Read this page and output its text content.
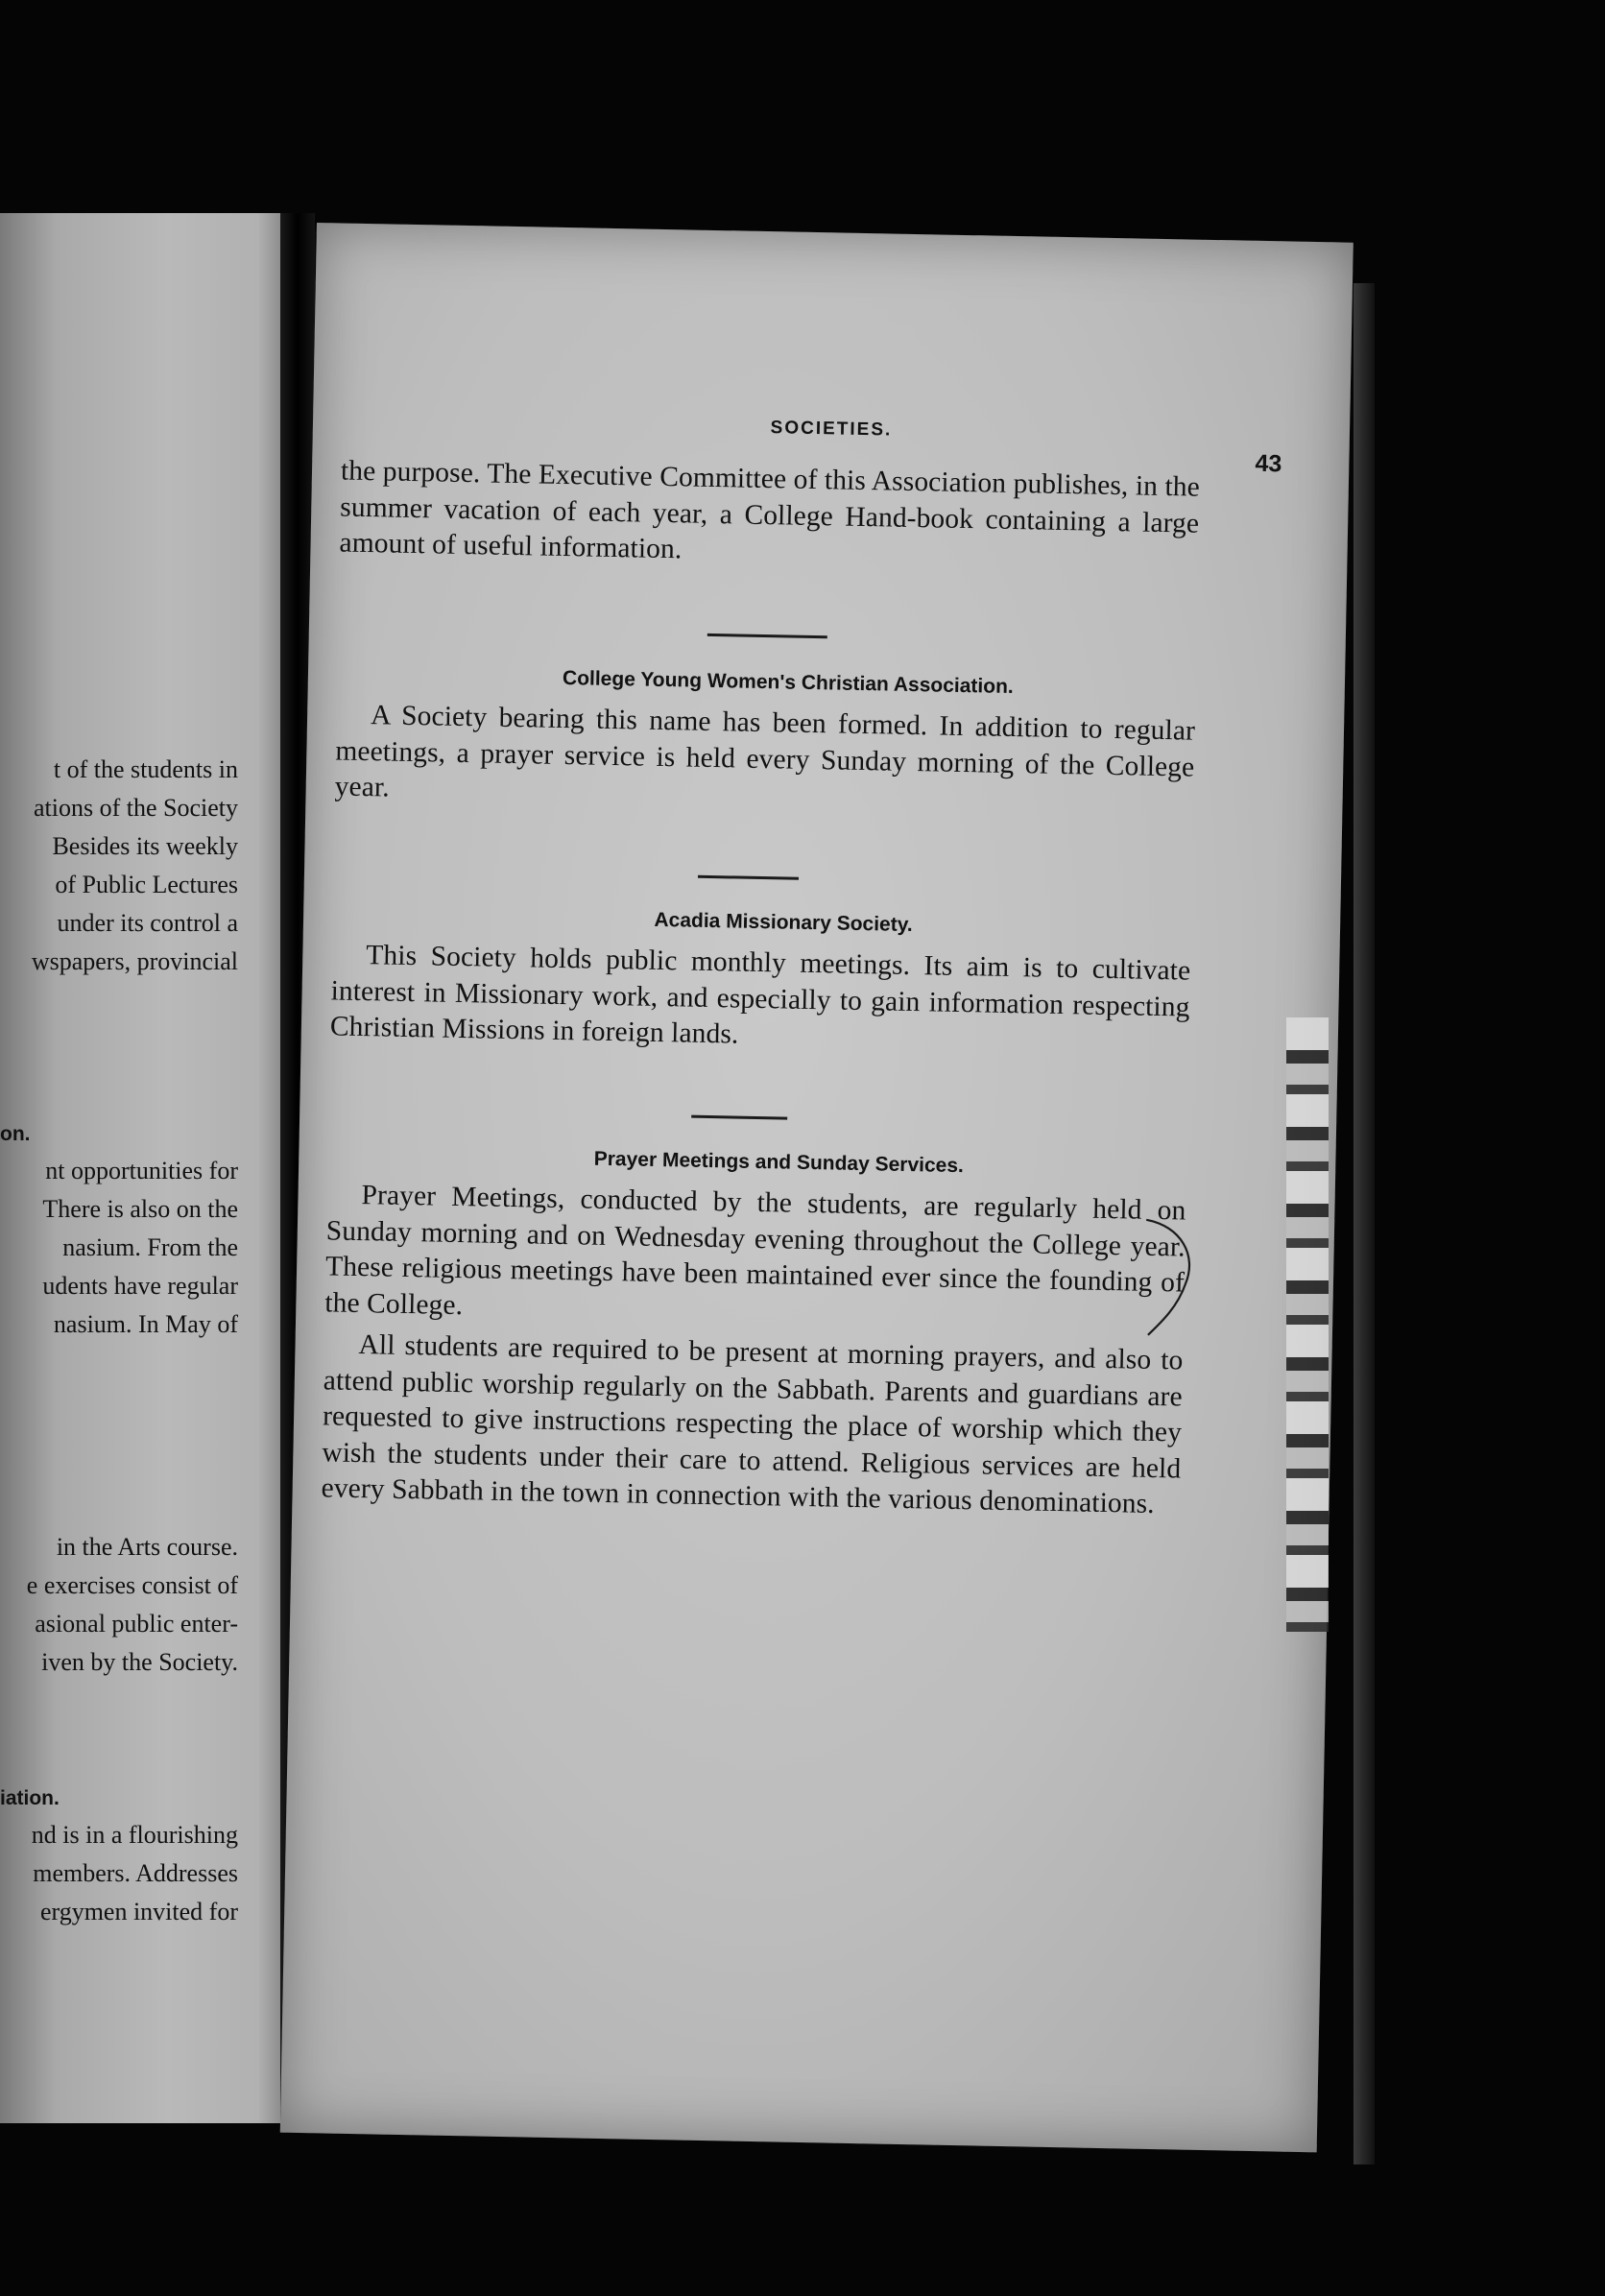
t of the students in
ations of the Society
Besides its weekly
of Public Lectures
under its control a
wspapers, provincial
on.
nt opportunities for
There is also on the
nasium. From the
udents have regular
nasium. In May of
in the Arts course.
e exercises consist of
asional public enter-
iven by the Society.
iation.
nd is in a flourishing
members. Addresses
ergymen invited for
SOCIETIES.
43

the purpose. The Executive Committee of this Association publishes, in the summer vacation of each year, a College Hand-book containing a large amount of useful information.

College Young Women's Christian Association.

A Society bearing this name has been formed. In addition to regular meetings, a prayer service is held every Sunday morning of the College year.

Acadia Missionary Society.

This Society holds public monthly meetings. Its aim is to cultivate interest in Missionary work, and especially to gain information respecting Christian Missions in foreign lands.

Prayer Meetings and Sunday Services.

Prayer Meetings, conducted by the students, are regularly held on Sunday morning and on Wednesday evening throughout the College year. These religious meetings have been maintained ever since the founding of the College.

All students are required to be present at morning prayers, and also to attend public worship regularly on the Sabbath. Parents and guardians are requested to give instructions respecting the place of worship which they wish the students under their care to attend. Religious services are held every Sabbath in the town in connection with the various denominations.
